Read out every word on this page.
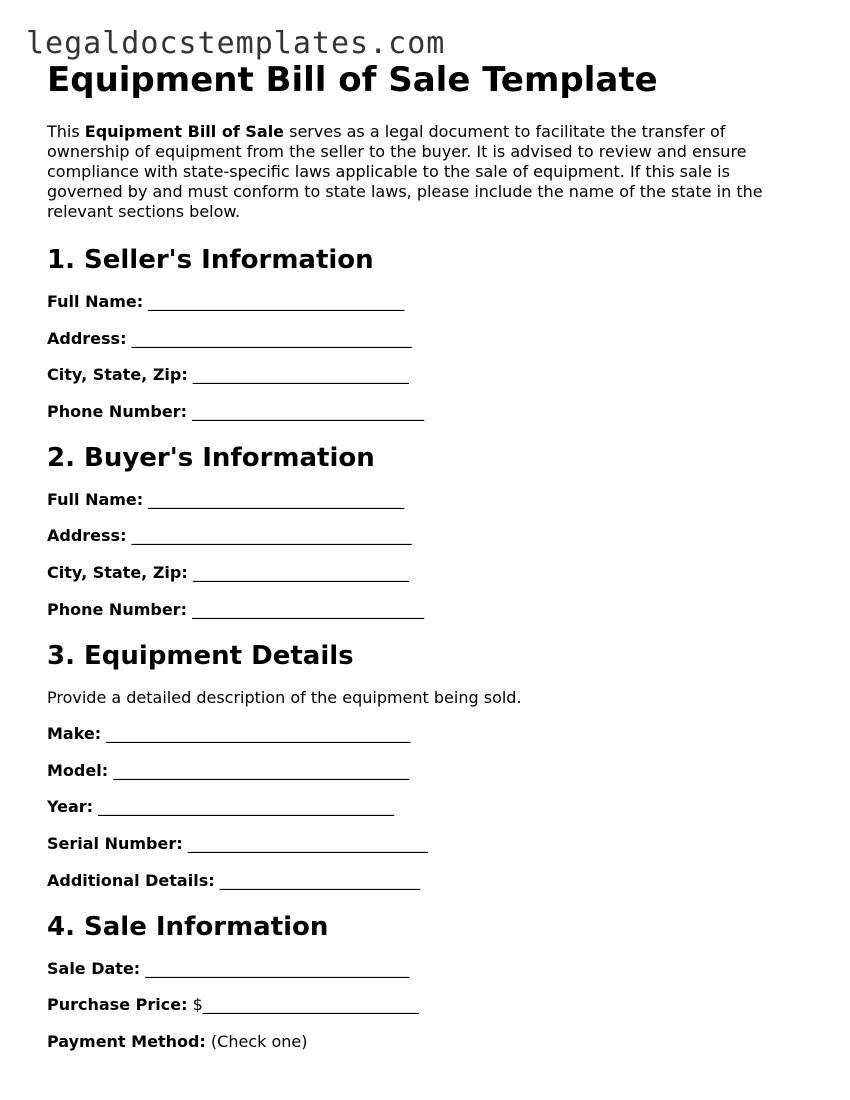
legaldocstemplates.com
Equipment Bill of Sale Template
This Equipment Bill of Sale serves as a legal document to facilitate the transfer of ownership of equipment from the seller to the buyer. It is advised to review and ensure compliance with state-specific laws applicable to the sale of equipment. If this sale is governed by and must conform to state laws, please include the name of the state in the relevant sections below.
1. Seller's Information
Full Name: ________________________________
Address: ___________________________________
City, State, Zip: ___________________________
Phone Number: _____________________________
2. Buyer's Information
Full Name: ________________________________
Address: ___________________________________
City, State, Zip: ___________________________
Phone Number: _____________________________
3. Equipment Details
Provide a detailed description of the equipment being sold.
Make: ______________________________________
Model: _____________________________________
Year: _____________________________________
Serial Number: ______________________________
Additional Details: _________________________
4. Sale Information
Sale Date: _________________________________
Purchase Price: $___________________________
Payment Method: (Check one)
